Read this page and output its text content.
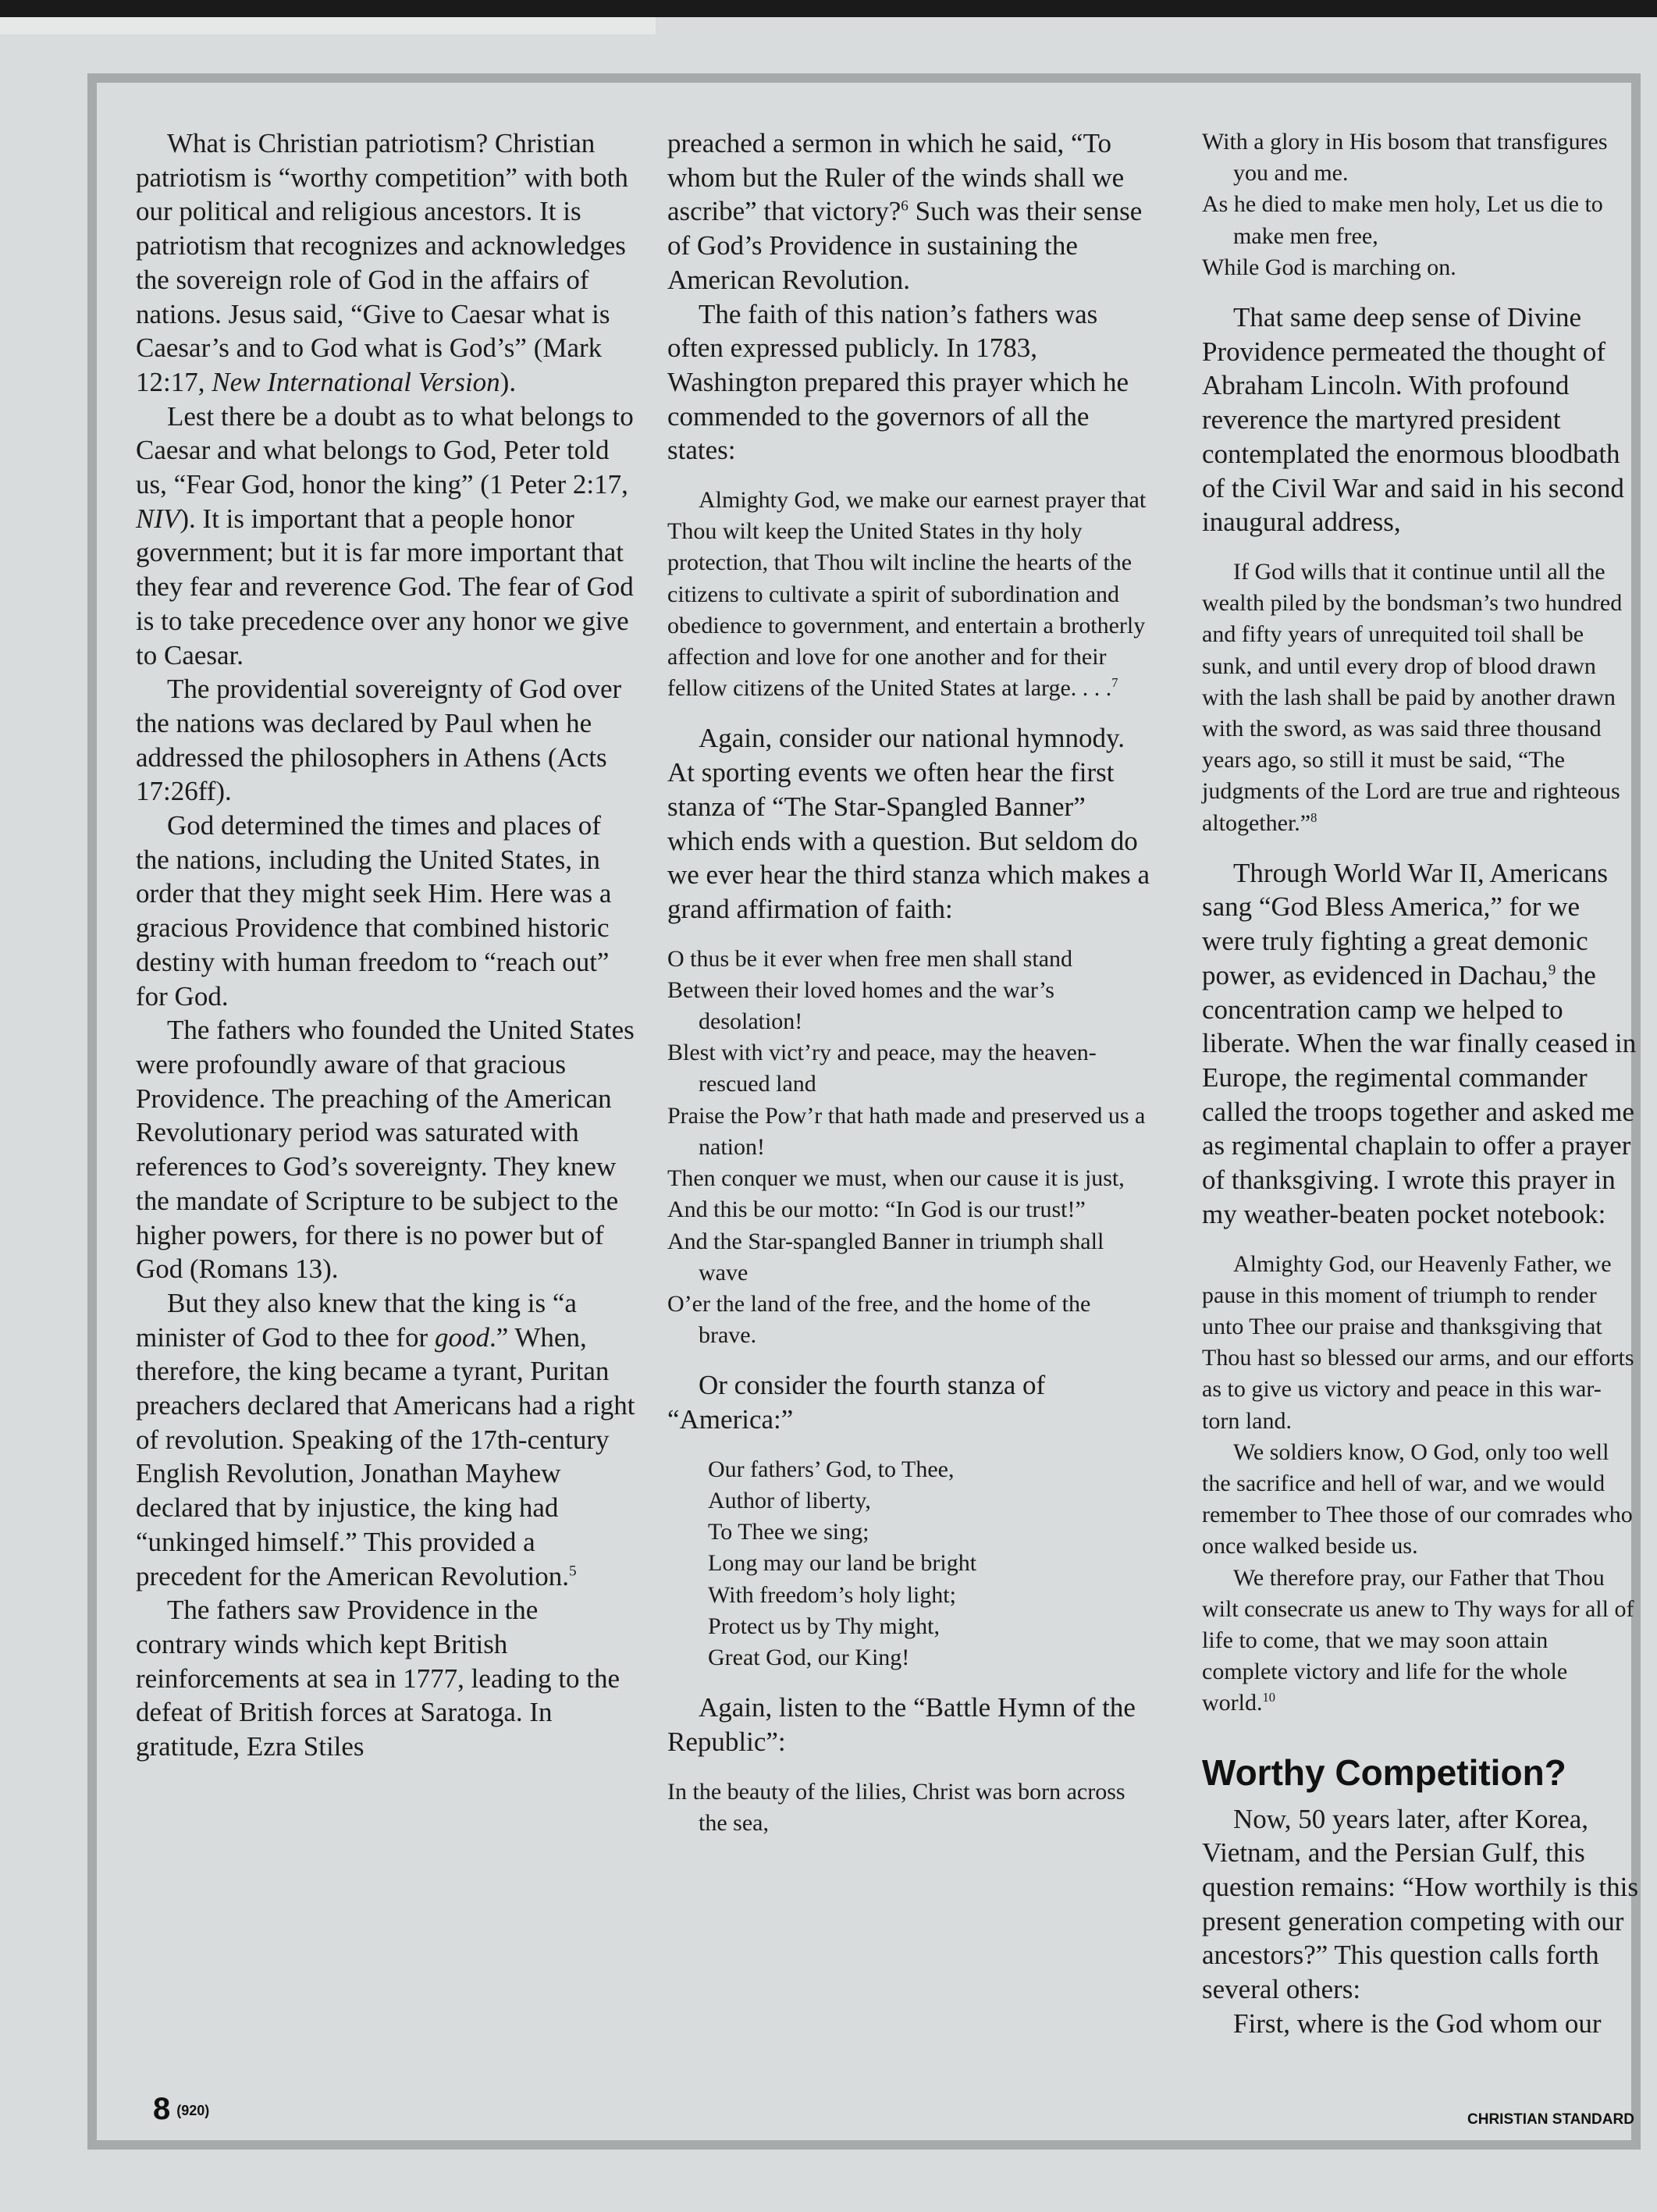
What is Christian patriotism? Christian patriotism is “worthy competition” with both our political and religious ancestors. It is patriotism that recognizes and acknowledges the sovereign role of God in the affairs of nations. Jesus said, “Give to Caesar what is Caesar’s and to God what is God’s” (Mark 12:17, New International Version).

Lest there be a doubt as to what belongs to Caesar and what belongs to God, Peter told us, “Fear God, honor the king” (1 Peter 2:17, NIV). It is important that a people honor government; but it is far more important that they fear and reverence God. The fear of God is to take precedence over any honor we give to Caesar.

The providential sovereignty of God over the nations was declared by Paul when he addressed the philosophers in Athens (Acts 17:26ff).

God determined the times and places of the nations, including the United States, in order that they might seek Him. Here was a gracious Providence that combined historic destiny with human freedom to “reach out” for God.

The fathers who founded the United States were profoundly aware of that gracious Providence. The preaching of the American Revolutionary period was saturated with references to God’s sovereignty. They knew the mandate of Scripture to be subject to the higher powers, for there is no power but of God (Romans 13).

But they also knew that the king is “a minister of God to thee for good.” When, therefore, the king became a tyrant, Puritan preachers declared that Americans had a right of revolution. Speaking of the 17th-century English Revolution, Jonathan Mayhew declared that by injustice, the king had “unkinged himself.” This provided a precedent for the American Revolution.$^5$

The fathers saw Providence in the contrary winds which kept British reinforcements at sea in 1777, leading to the defeat of British forces at Saratoga. In gratitude, Ezra Stiles

preached a sermon in which he said, “To whom but the Ruler of the winds shall we ascribe” that victory?$^6$ Such was their sense of God’s Providence in sustaining the American Revolution.

The faith of this nation’s fathers was often expressed publicly. In 1783, Washington prepared this prayer which he commended to the governors of all the states:

Almighty God, we make our earnest prayer that Thou wilt keep the United States in thy holy protection, that Thou wilt incline the hearts of the citizens to cultivate a spirit of subordination and obedience to government, and entertain a brotherly affection and love for one another and for their fellow citizens of the United States at large. . . .$^7$

Again, consider our national hymnody. At sporting events we often hear the first stanza of “The Star-Spangled Banner” which ends with a question. But seldom do we ever hear the third stanza which makes a grand affirmation of faith:

O thus be it ever when free men shall stand

Between their loved homes and the war’s desolation!

Blest with vict’ry and peace, may the heaven-rescued land

Praise the Pow’r that hath made and preserved us a nation!

Then conquer we must, when our cause it is just,

And this be our motto: “In God is our trust!”

And the Star-spangled Banner in triumph shall wave

O’er the land of the free, and the home of the brave.

Or consider the fourth stanza of “America:”

Our fathers’ God, to Thee,
Author of liberty,
To Thee we sing;
Long may our land be bright
With freedom’s holy light;
Protect us by Thy might,
Great God, our King!

Again, listen to the “Battle Hymn of the Republic”:

In the beauty of the lilies, Christ was born across the sea,

With a glory in His bosom that transfigures you and me.

As he died to make men holy, Let us die to make men free,

While God is marching on.

That same deep sense of Divine Providence permeated the thought of Abraham Lincoln. With profound reverence the martyred president contemplated the enormous bloodbath of the Civil War and said in his second inaugural address,

If God wills that it continue until all the wealth piled by the bondsman’s two hundred and fifty years of unrequited toil shall be sunk, and until every drop of blood drawn with the lash shall be paid by another drawn with the sword, as was said three thousand years ago, so still it must be said, “The judgments of the Lord are true and righteous altogether.”$^8$

Through World War II, Americans sang “God Bless America,” for we were truly fighting a great demonic power, as evidenced in Dachau,$^9$ the concentration camp we helped to liberate. When the war finally ceased in Europe, the regimental commander called the troops together and asked me as regimental chaplain to offer a prayer of thanksgiving. I wrote this prayer in my weather-beaten pocket notebook:

Almighty God, our Heavenly Father, we pause in this moment of triumph to render unto Thee our praise and thanksgiving that Thou hast so blessed our arms, and our efforts as to give us victory and peace in this war-torn land.

We soldiers know, O God, only too well the sacrifice and hell of war, and we would remember to Thee those of our comrades who once walked beside us.

We therefore pray, our Father that Thou wilt consecrate us anew to Thy ways for all of life to come, that we may soon attain complete victory and life for the whole world.$^{10}$

Worthy Competition?

Now, 50 years later, after Korea, Vietnam, and the Persian Gulf, this question remains: “How worthily is this present generation competing with our ancestors?” This question calls forth several others:

First, where is the God whom our

8 (920)
CHRISTIAN STANDARD
